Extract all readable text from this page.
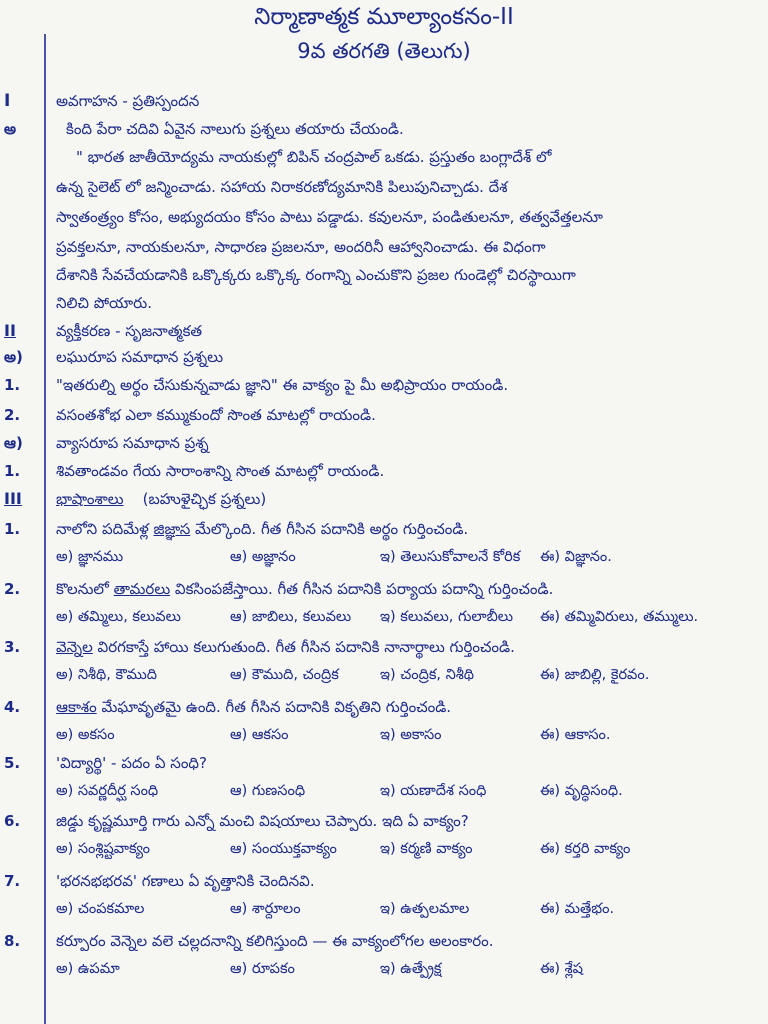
నిర్మాణాత్మక మూల్యాంకనం-II
9వ తరగతి (తెలుగు)
I	అవగాహన - ప్రతిస్పందన
అ	కింది పేరా చదివి ఏవైన నాలుగు ప్రశ్నలు తయారు చేయండి.
" భారత జాతీయోద్యమ నాయకుల్లో బిపిన్ చంద్రపాల్ ఒకడు. ప్రస్తుతం బంగ్లాదేశ్ లో
ఉన్న సైలెట్ లో జన్మించాడు. సహాయ నిరాకరణోద్యమానికి పిలుపునిచ్చాడు. దేశ
స్వాతంత్ర్యం కోసం, అభ్యుదయం కోసం పాటు పడ్డాడు. కవులనూ, పండితులనూ, తత్వవేత్తలనూ
ప్రవక్తలనూ, నాయకులనూ, సాధారణ ప్రజలనూ, అందరినీ ఆహ్వానించాడు. ఈ విధంగా
దేశానికి సేవచేయడానికి ఒక్కొక్కరు ఒక్కొక్క రంగాన్ని ఎంచుకొని ప్రజల గుండెల్లో చిరస్థాయిగా
నిలిచి పోయారు.
II	వ్యక్తీకరణ - సృజనాత్మకత
అ)	లఘురూప సమాధాన ప్రశ్నలు
1.	"ఇతరుల్ని అర్థం చేసుకున్నవాడు జ్ఞాని" ఈ వాక్యం పై మీ అభిప్రాయం రాయండి.
2.	వసంతశోభ ఎలా కమ్ముకుందో సొంత మాటల్లో రాయండి.
ఆ)	వ్యాసరూప సమాధాన ప్రశ్న
1.	శివతాండవం గేయ సారాంశాన్ని సొంత మాటల్లో రాయండి.
III	భాషాంశాలు (బహుళైచ్ఛిక ప్రశ్నలు)
1.	నాలోని పదిమేళ్ల జిజ్ఞాస మేల్కొంది. గీత గీసిన పదానికి అర్థం గుర్తించండి.
అ) జ్ఞానము	ఆ) అజ్ఞానం	ఇ) తెలుసుకోవాలనే కోరిక ఈ) విజ్ఞానం.
2.	కొలనులో తామరలు వికసింపజేస్తాయి. గీత గీసిన పదానికి పర్యాయ పదాన్ని గుర్తించండి.
అ) తమ్మిలు, కలువలు	ఆ) జాబిలు, కలువలు ఇ) కలువలు, గులాబీలు ఈ) తమ్మివిరులు, తమ్ములు.
3.	వెన్నెల విరగకాస్తే హాయి కలుగుతుంది. గీత గీసిన పదానికి నానార్థాలు గుర్తించండి.
అ) నిశీథి, కౌముది	ఆ) కౌముది, చంద్రిక	ఇ) చంద్రిక, నిశీథి	ఈ) జాబిల్లి, కైరవం.
4.	ఆకాశం మేఘావృతమై ఉంది. గీత గీసిన పదానికి వికృతిని గుర్తించండి.
అ) అకసం	ఆ) ఆకసం	ఇ) అకాసం	ఈ) ఆకాసం.
5.	'విద్యార్థి' - పదం ఏ సంధి?
అ) సవర్ణదీర్ఘ సంధి	ఆ) గుణసంధి	ఇ) యణాదేశ సంధి	ఈ) వృద్ధిసంధి.
6.	జిడ్డు కృష్ణమూర్తి గారు ఎన్నో మంచి విషయాలు చెప్పారు. ఇది ఏ వాక్యం?
అ) సంశ్లిష్టవాక్యం	ఆ) సంయుక్తవాక్యం	ఇ) కర్మణి వాక్యం	ఈ) కర్తరి వాక్యం
7.	'భరనభభరవ' గణాలు ఏ వృత్తానికి చెందినవి.
అ) చంపకమాల	ఆ) శార్దూలం	ఇ) ఉత్పలమాల	ఈ) మత్తేభం.
8.	కర్పూరం వెన్నెల వలె చల్లదనాన్ని కలిగిస్తుంది — ఈ వాక్యంలోగల అలంకారం.
అ) ఉపమా	ఆ) రూపకం	ఇ) ఉత్ప్రేక్ష	ఈ) శ్లేష
